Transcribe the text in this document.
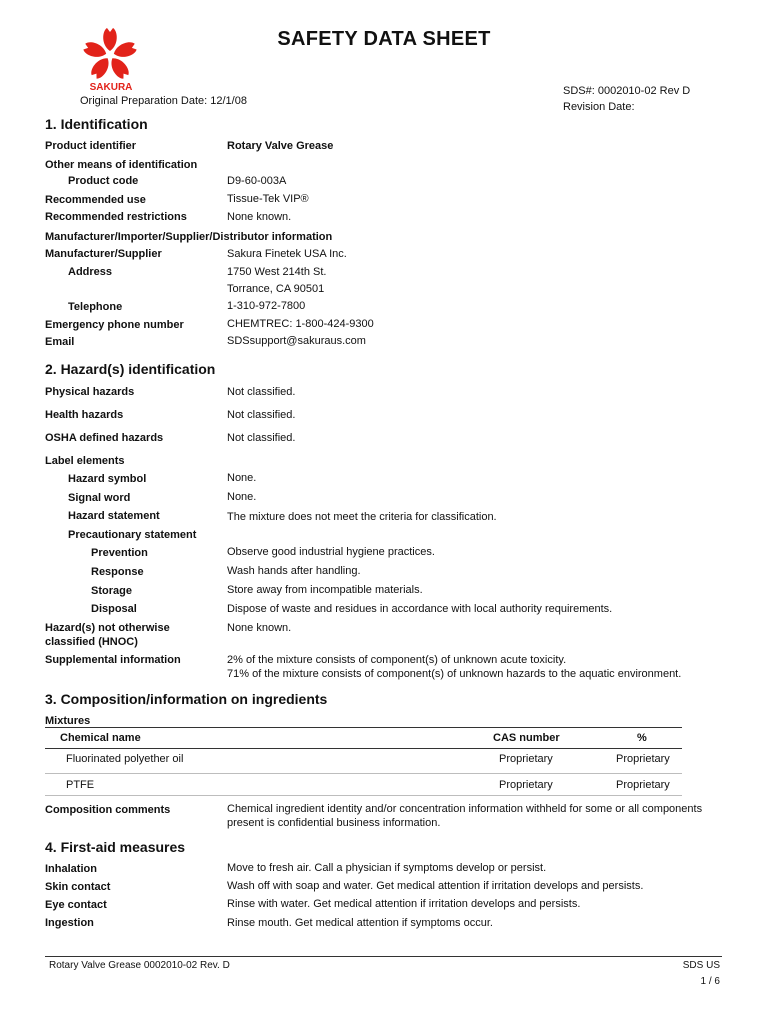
SAKURA
SAFETY DATA SHEET
Original Preparation Date: 12/1/08
SDS#: 0002010-02 Rev D
Revision Date:
1. Identification
Product identifier	Rotary Valve Grease
Other means of identification
Product code	D9-60-003A
Recommended use	Tissue-Tek VIP®
Recommended restrictions	None known.
Manufacturer/Importer/Supplier/Distributor information
Manufacturer/Supplier	Sakura Finetek USA Inc.
Address	1750 West 214th St.
Torrance, CA 90501
Telephone	1-310-972-7800
Emergency phone number	CHEMTREC: 1-800-424-9300
Email	SDSsupport@sakuraus.com
2. Hazard(s) identification
Physical hazards	Not classified.
Health hazards	Not classified.
OSHA defined hazards	Not classified.
Label elements
Hazard symbol	None.
Signal word	None.
Hazard statement	The mixture does not meet the criteria for classification.
Precautionary statement
Prevention	Observe good industrial hygiene practices.
Response	Wash hands after handling.
Storage	Store away from incompatible materials.
Disposal	Dispose of waste and residues in accordance with local authority requirements.
Hazard(s) not otherwise classified (HNOC)
None known.
Supplemental information	2% of the mixture consists of component(s) of unknown acute toxicity.
71% of the mixture consists of component(s) of unknown hazards to the aquatic environment.
3. Composition/information on ingredients
Mixtures
Chemical name	CAS number	%
Fluorinated polyether oil	Proprietary	Proprietary
PTFE	Proprietary	Proprietary
Composition comments	Chemical ingredient identity and/or concentration information withheld for some or all components
present is confidential business information.
4. First-aid measures
Inhalation	Move to fresh air. Call a physician if symptoms develop or persist.
Skin contact	Wash off with soap and water. Get medical attention if irritation develops and persists.
Eye contact	Rinse with water. Get medical attention if irritation develops and persists.
Ingestion	Rinse mouth. Get medical attention if symptoms occur.
Rotary Valve Grease 0002010-02 Rev. D	SDS US
1 / 6
